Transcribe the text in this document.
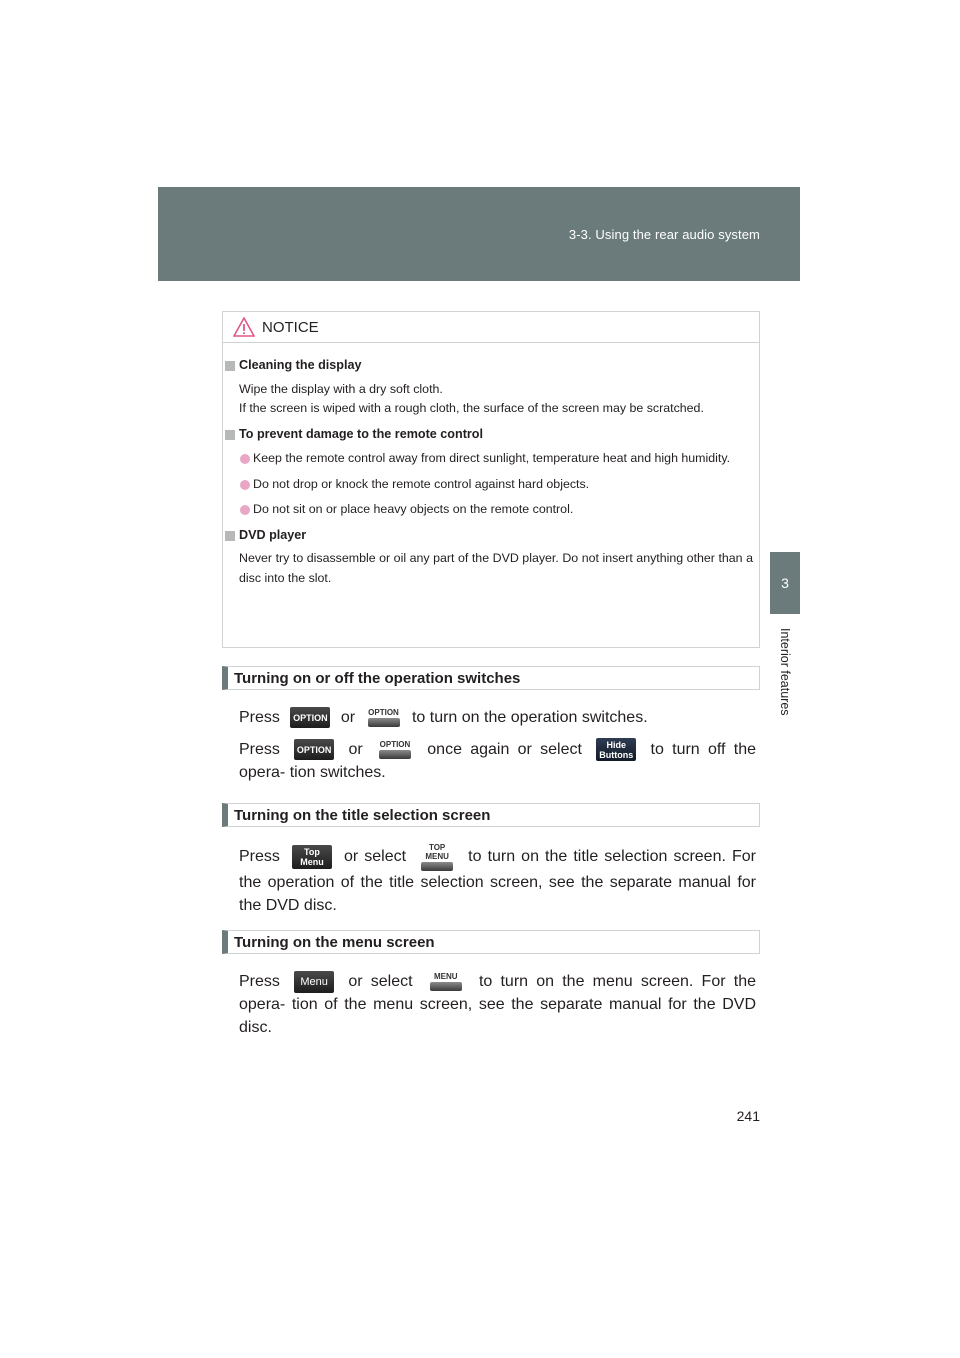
3-3. Using the rear audio system
3
Interior features
NOTICE
Cleaning the display
Wipe the display with a dry soft cloth.
If the screen is wiped with a rough cloth, the surface of the screen may be scratched.
To prevent damage to the remote control
Keep the remote control away from direct sunlight, temperature heat and high humidity.
Do not drop or knock the remote control against hard objects.
Do not sit on or place heavy objects on the remote control.
DVD player
Never try to disassemble or oil any part of the DVD player. Do not insert anything other than a disc into the slot.
Turning on or off the operation switches

Press OPTION or OPTION to turn on the operation switches.

Press OPTION or OPTION once again or select	Hide
Buttons to turn off the opera- tion switches.

Turning on the title selection screen

Press	Top
Menu or select TOP MENU to turn on the title selection screen. For the operation of the title selection screen, see the separate manual for the DVD disc.

Turning on the menu screen

Press Menu or select	MENU to turn on the menu screen. For the opera- tion of the menu screen, see the separate manual for the DVD disc.

241
